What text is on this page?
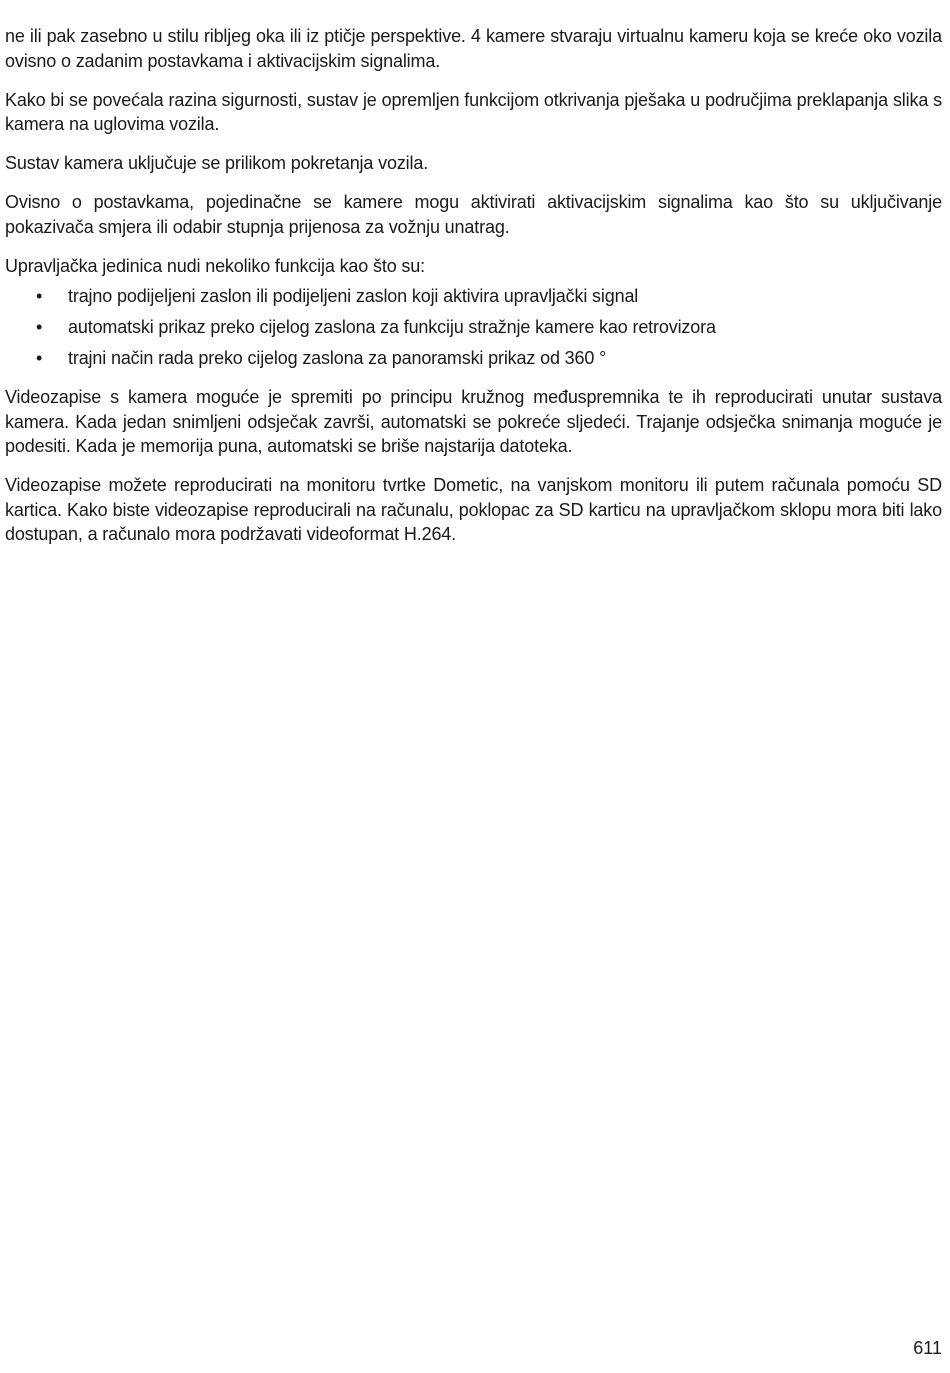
ne ili pak zasebno u stilu ribljeg oka ili iz ptičje perspektive. 4 kamere stvaraju virtualnu kameru koja se kreće oko vozila ovisno o zadanim postavkama i aktivacijskim signalima.

Kako bi se povećala razina sigurnosti, sustav je opremljen funkcijom otkrivanja pješaka u područjima preklapanja slika s kamera na uglovima vozila.

Sustav kamera uključuje se prilikom pokretanja vozila.

Ovisno o postavkama, pojedinačne se kamere mogu aktivirati aktivacijskim signalima kao što su uključivanje pokazivača smjera ili odabir stupnja prijenosa za vožnju unatrag.

Upravljačka jedinica nudi nekoliko funkcija kao što su:

• trajno podijeljeni zaslon ili podijeljeni zaslon koji aktivira upravljački signal
• automatski prikaz preko cijelog zaslona za funkciju stražnje kamere kao retrovizora
• trajni način rada preko cijelog zaslona za panoramski prikaz od 360 °

Videozapise s kamera moguće je spremiti po principu kružnog međuspremnika te ih reproducirati unutar sustava kamera. Kada jedan snimljeni odsječak završi, automatski se pokreće sljedeći. Trajanje odsječka snimanja moguće je podesiti. Kada je memorija puna, automatski se briše najstarija datoteka.

Videozapise možete reproducirati na monitoru tvrtke Dometic, na vanjskom monitoru ili putem računala pomoću SD kartica. Kako biste videozapise reproducirali na računalu, poklopac za SD karticu na upravljačkom sklopu mora biti lako dostupan, a računalo mora podržavati videoformat H.264.

611
